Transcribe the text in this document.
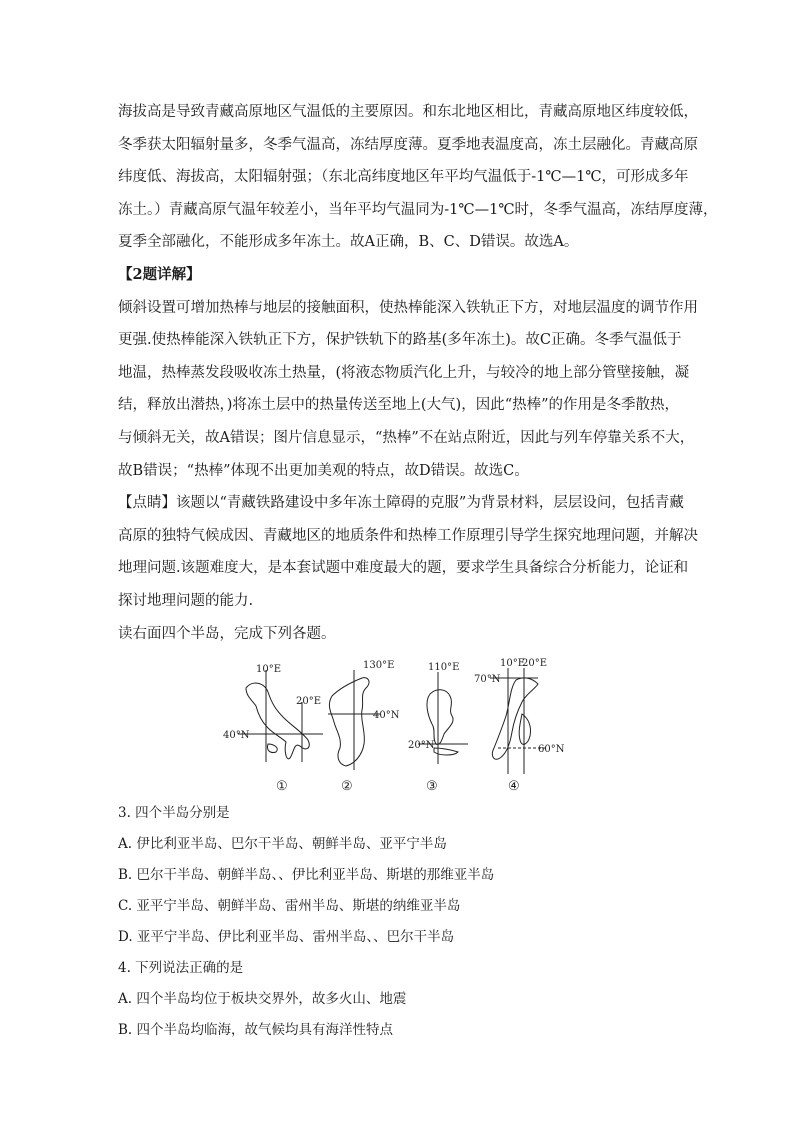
海拔高是导致青藏高原地区气温低的主要原因。和东北地区相比，青藏高原地区纬度较低，
冬季获太阳辐射量多，冬季气温高，冻结厚度薄。夏季地表温度高，冻土层融化。青藏高原
纬度低、海拔高，太阳辐射强；（东北高纬度地区年平均气温低于-1℃—1℃，可形成多年
冻土。）青藏高原气温年较差小，当年平均气温同为-1℃—1℃时，冬季气温高，冻结厚度薄，
夏季全部融化，不能形成多年冻土。故A正确，B、C、D错误。故选A。

【2题详解】

倾斜设置可增加热棒与地层的接触面积，使热棒能深入铁轨正下方，对地层温度的调节作用
更强.使热棒能深入铁轨正下方，保护铁轨下的路基(多年冻土)。故C正确。冬季气温低于
地温，热棒蒸发段吸收冻土热量，(将液态物质汽化上升，与较冷的地上部分管壁接触，凝
结，释放出潜热，)将冻土层中的热量传送至地上(大气)，因此“热棒”的作用是冬季散热，
与倾斜无关，故A错误；图片信息显示，“热棒”不在站点附近，因此与列车停靠关系不大，
故B错误；“热棒”体现不出更加美观的特点，故D错误。故选C。

【点睛】该题以“青藏铁路建设中多年冻土障碍的克服”为背景材料，层层设问，包括青藏
高原的独特气候成因、青藏地区的地质条件和热棒工作原理引导学生探究地理问题，并解决
地理问题.该题难度大，是本套试题中难度最大的题，要求学生具备综合分析能力，论证和
探讨地理问题的能力.

读右面四个半岛，完成下列各题。

10°E
20°E
40°N
①
130°E
40°N
②
110°E
20°N
③
10°E
20°E
70°N
60°N
④

3. 四个半岛分别是

A. 伊比利亚半岛、巴尔干半岛、朝鲜半岛、亚平宁半岛

B. 巴尔干半岛、朝鲜半岛、、伊比利亚半岛、斯堪的那维亚半岛

C. 亚平宁半岛、朝鲜半岛、雷州半岛、斯堪的纳维亚半岛

D. 亚平宁半岛、伊比利亚半岛、雷州半岛、、巴尔干半岛

4. 下列说法正确的是

A. 四个半岛均位于板块交界外，故多火山、地震

B. 四个半岛均临海，故气候均具有海洋性特点
